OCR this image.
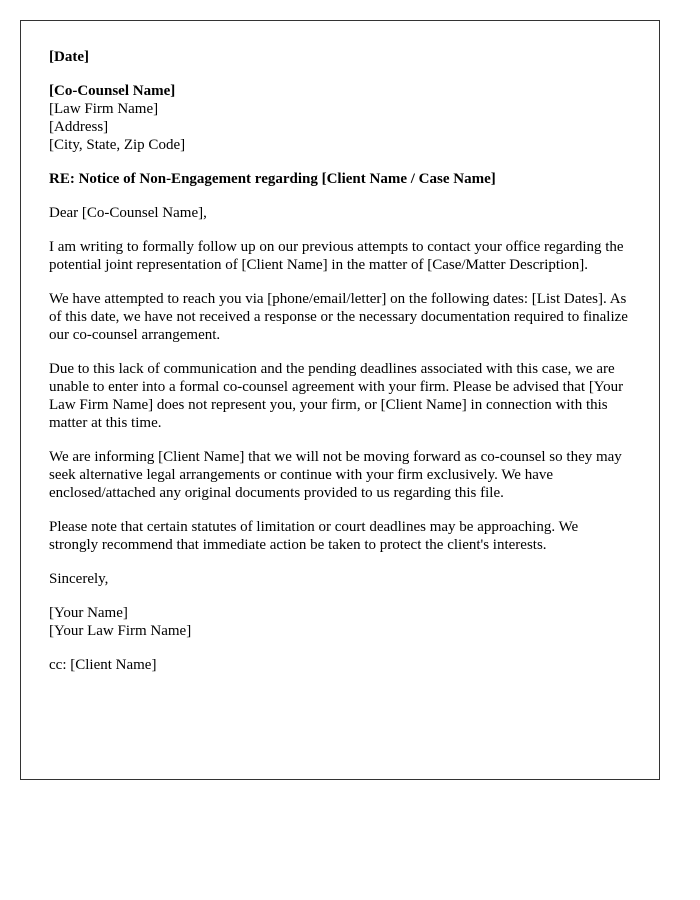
[Date]
[Co-Counsel Name]
[Law Firm Name]
[Address]
[City, State, Zip Code]
RE: Notice of Non-Engagement regarding [Client Name / Case Name]

Dear [Co-Counsel Name],

I am writing to formally follow up on our previous attempts to contact your office regarding the potential joint representation of [Client Name] in the matter of [Case/Matter Description].

We have attempted to reach you via [phone/email/letter] on the following dates: [List Dates]. As of this date, we have not received a response or the necessary documentation required to finalize our co-counsel arrangement.

Due to this lack of communication and the pending deadlines associated with this case, we are unable to enter into a formal co-counsel agreement with your firm. Please be advised that [Your Law Firm Name] does not represent you, your firm, or [Client Name] in connection with this matter at this time.

We are informing [Client Name] that we will not be moving forward as co-counsel so they may seek alternative legal arrangements or continue with your firm exclusively. We have enclosed/attached any original documents provided to us regarding this file.

Please note that certain statutes of limitation or court deadlines may be approaching. We strongly recommend that immediate action be taken to protect the client's interests.

Sincerely,

[Your Name]
[Your Law Firm Name]
cc: [Client Name]
